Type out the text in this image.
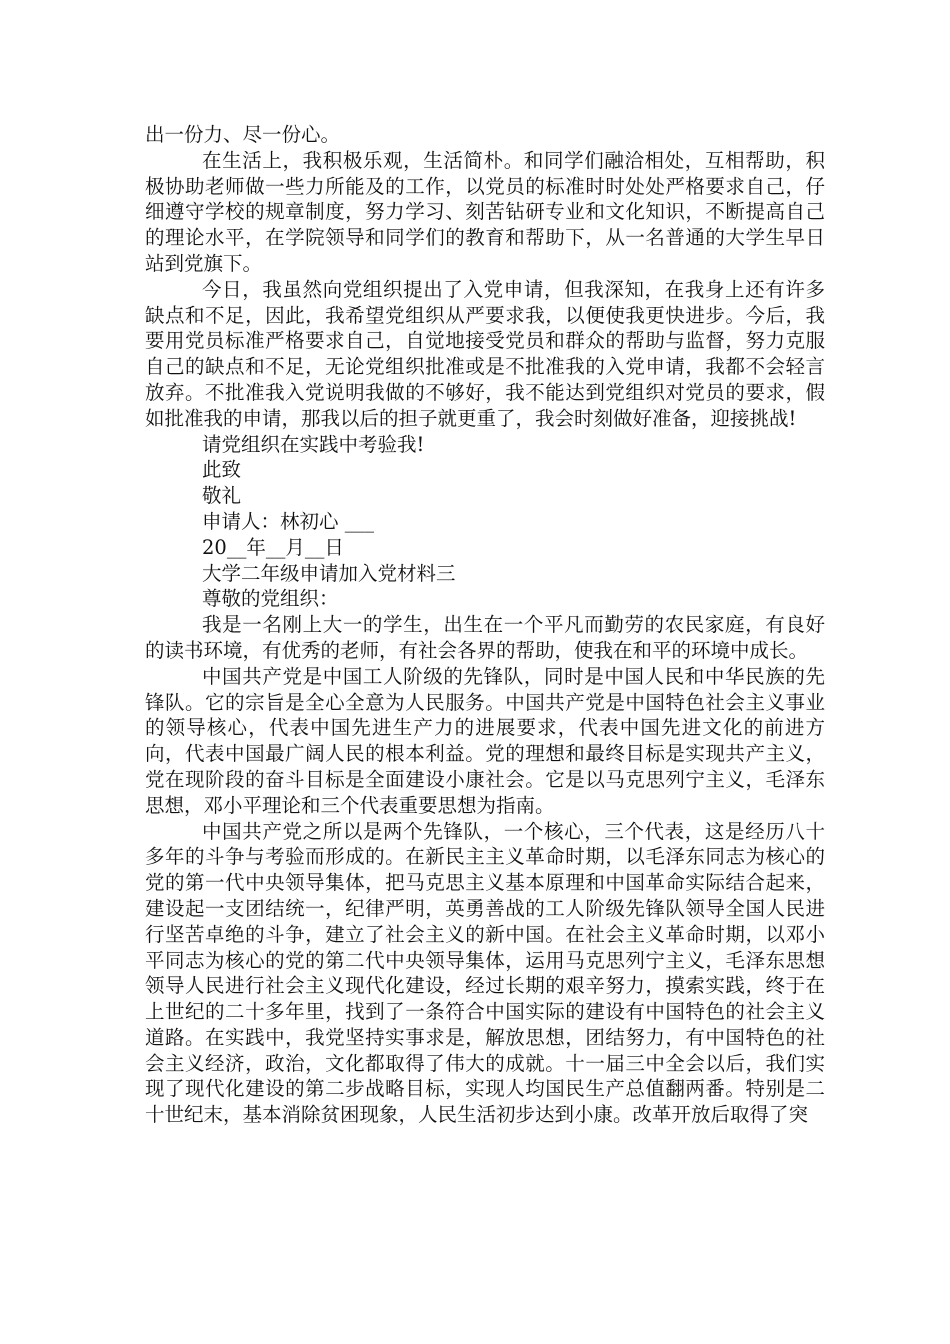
出一份力、尽一份心。

在生活上，我积极乐观，生活简朴。和同学们融洽相处，互相帮助，积极协助老师做一些力所能及的工作，以党员的标准时时处处严格要求自己，仔细遵守学校的规章制度，努力学习、刻苦钻研专业和文化知识，不断提高自己的理论水平，在学院领导和同学们的教育和帮助下，从一名普通的大学生早日站到党旗下。

今日，我虽然向党组织提出了入党申请，但我深知，在我身上还有许多缺点和不足，因此，我希望党组织从严要求我，以便使我更快进步。今后，我要用党员标准严格要求自己，自觉地接受党员和群众的帮助与监督，努力克服自己的缺点和不足，无论党组织批准或是不批准我的入党申请，我都不会轻言放弃。不批准我入党说明我做的不够好，我不能达到党组织对党员的要求，假如批准我的申请，那我以后的担子就更重了，我会时刻做好准备，迎接挑战!

请党组织在实践中考验我!

此致

敬礼

申请人：林初心 ___

20__年__月__日

大学二年级申请加入党材料三

尊敬的党组织：

我是一名刚上大一的学生，出生在一个平凡而勤劳的农民家庭，有良好的读书环境，有优秀的老师，有社会各界的帮助，使我在和平的环境中成长。

中国共产党是中国工人阶级的先锋队，同时是中国人民和中华民族的先锋队。它的宗旨是全心全意为人民服务。中国共产党是中国特色社会主义事业的领导核心，代表中国先进生产力的进展要求，代表中国先进文化的前进方向，代表中国最广阔人民的根本利益。党的理想和最终目标是实现共产主义，党在现阶段的奋斗目标是全面建设小康社会。它是以马克思列宁主义，毛泽东思想，邓小平理论和三个代表重要思想为指南。

中国共产党之所以是两个先锋队，一个核心，三个代表，这是经历八十多年的斗争与考验而形成的。在新民主主义革命时期，以毛泽东同志为核心的党的第一代中央领导集体，把马克思主义基本原理和中国革命实际结合起来，建设起一支团结统一，纪律严明，英勇善战的工人阶级先锋队领导全国人民进行坚苦卓绝的斗争，建立了社会主义的新中国。在社会主义革命时期，以邓小平同志为核心的党的第二代中央领导集体，运用马克思列宁主义，毛泽东思想领导人民进行社会主义现代化建设，经过长期的艰辛努力，摸索实践，终于在上世纪的二十多年里，找到了一条符合中国实际的建设有中国特色的社会主义道路。在实践中，我党坚持实事求是，解放思想，团结努力，有中国特色的社会主义经济，政治，文化都取得了伟大的成就。十一届三中全会以后，我们实现了现代化建设的第二步战略目标，实现人均国民生产总值翻两番。特别是二十世纪末，基本消除贫困现象，人民生活初步达到小康。改革开放后取得了突
